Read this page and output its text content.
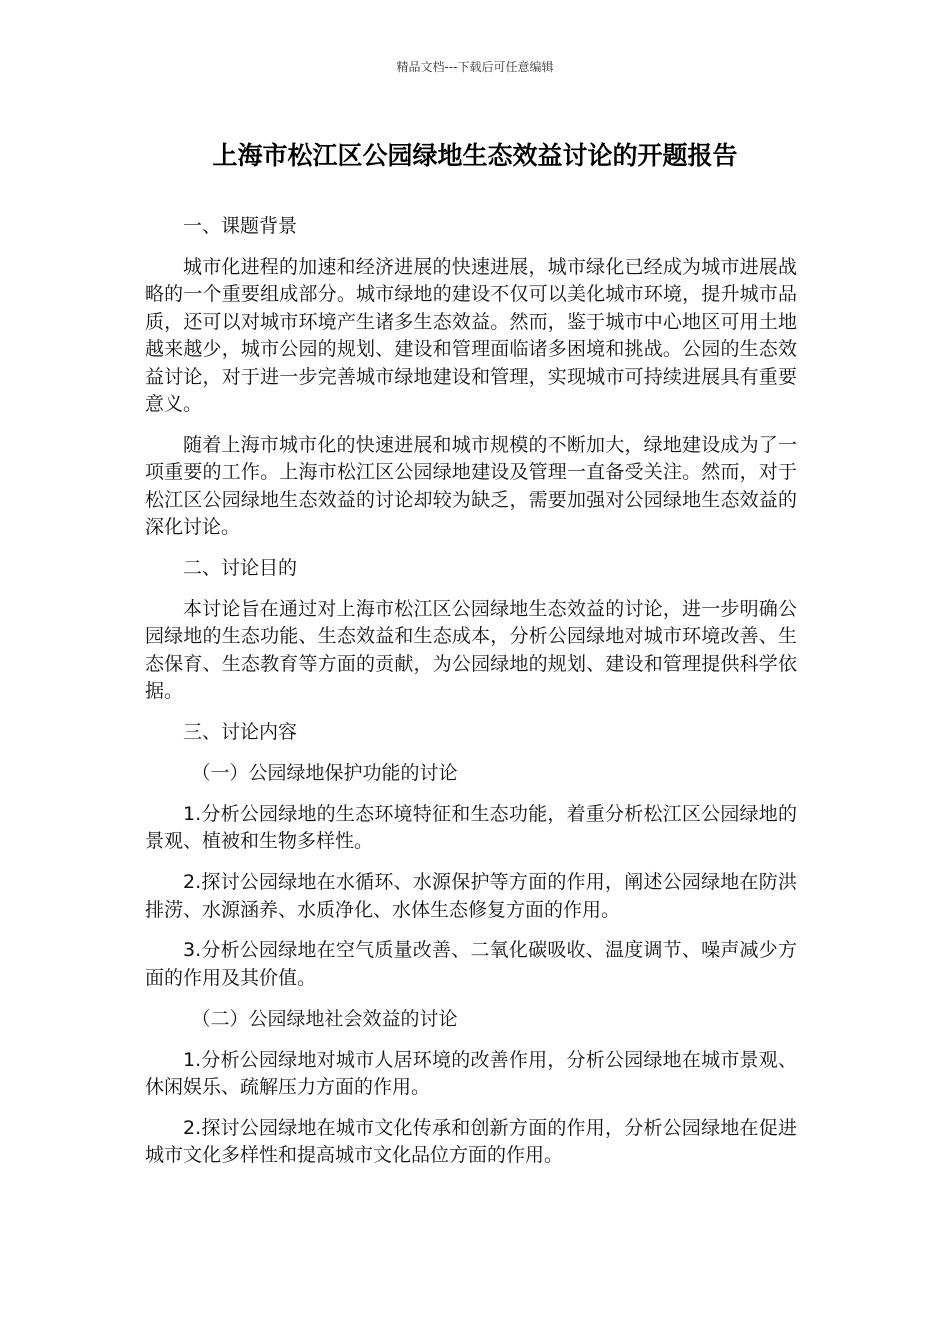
精品文档---下载后可任意编辑
上海市松江区公园绿地生态效益讨论的开题报告

一、课题背景

城市化进程的加速和经济进展的快速进展，城市绿化已经成为城市进展战略的一个重要组成部分。城市绿地的建设不仅可以美化城市环境，提升城市品质，还可以对城市环境产生诸多生态效益。然而，鉴于城市中心地区可用土地越来越少，城市公园的规划、建设和管理面临诸多困境和挑战。公园的生态效益讨论，对于进一步完善城市绿地建设和管理，实现城市可持续进展具有重要意义。

随着上海市城市化的快速进展和城市规模的不断加大，绿地建设成为了一项重要的工作。上海市松江区公园绿地建设及管理一直备受关注。然而，对于松江区公园绿地生态效益的讨论却较为缺乏，需要加强对公园绿地生态效益的深化讨论。

二、讨论目的

本讨论旨在通过对上海市松江区公园绿地生态效益的讨论，进一步明确公园绿地的生态功能、生态效益和生态成本，分析公园绿地对城市环境改善、生态保育、生态教育等方面的贡献，为公园绿地的规划、建设和管理提供科学依据。

三、讨论内容

（一）公园绿地保护功能的讨论

1.分析公园绿地的生态环境特征和生态功能，着重分析松江区公园绿地的景观、植被和生物多样性。

2.探讨公园绿地在水循环、水源保护等方面的作用，阐述公园绿地在防洪排涝、水源涵养、水质净化、水体生态修复方面的作用。

3.分析公园绿地在空气质量改善、二氧化碳吸收、温度调节、噪声减少方面的作用及其价值。

（二）公园绿地社会效益的讨论

1.分析公园绿地对城市人居环境的改善作用，分析公园绿地在城市景观、休闲娱乐、疏解压力方面的作用。

2.探讨公园绿地在城市文化传承和创新方面的作用，分析公园绿地在促进城市文化多样性和提高城市文化品位方面的作用。
